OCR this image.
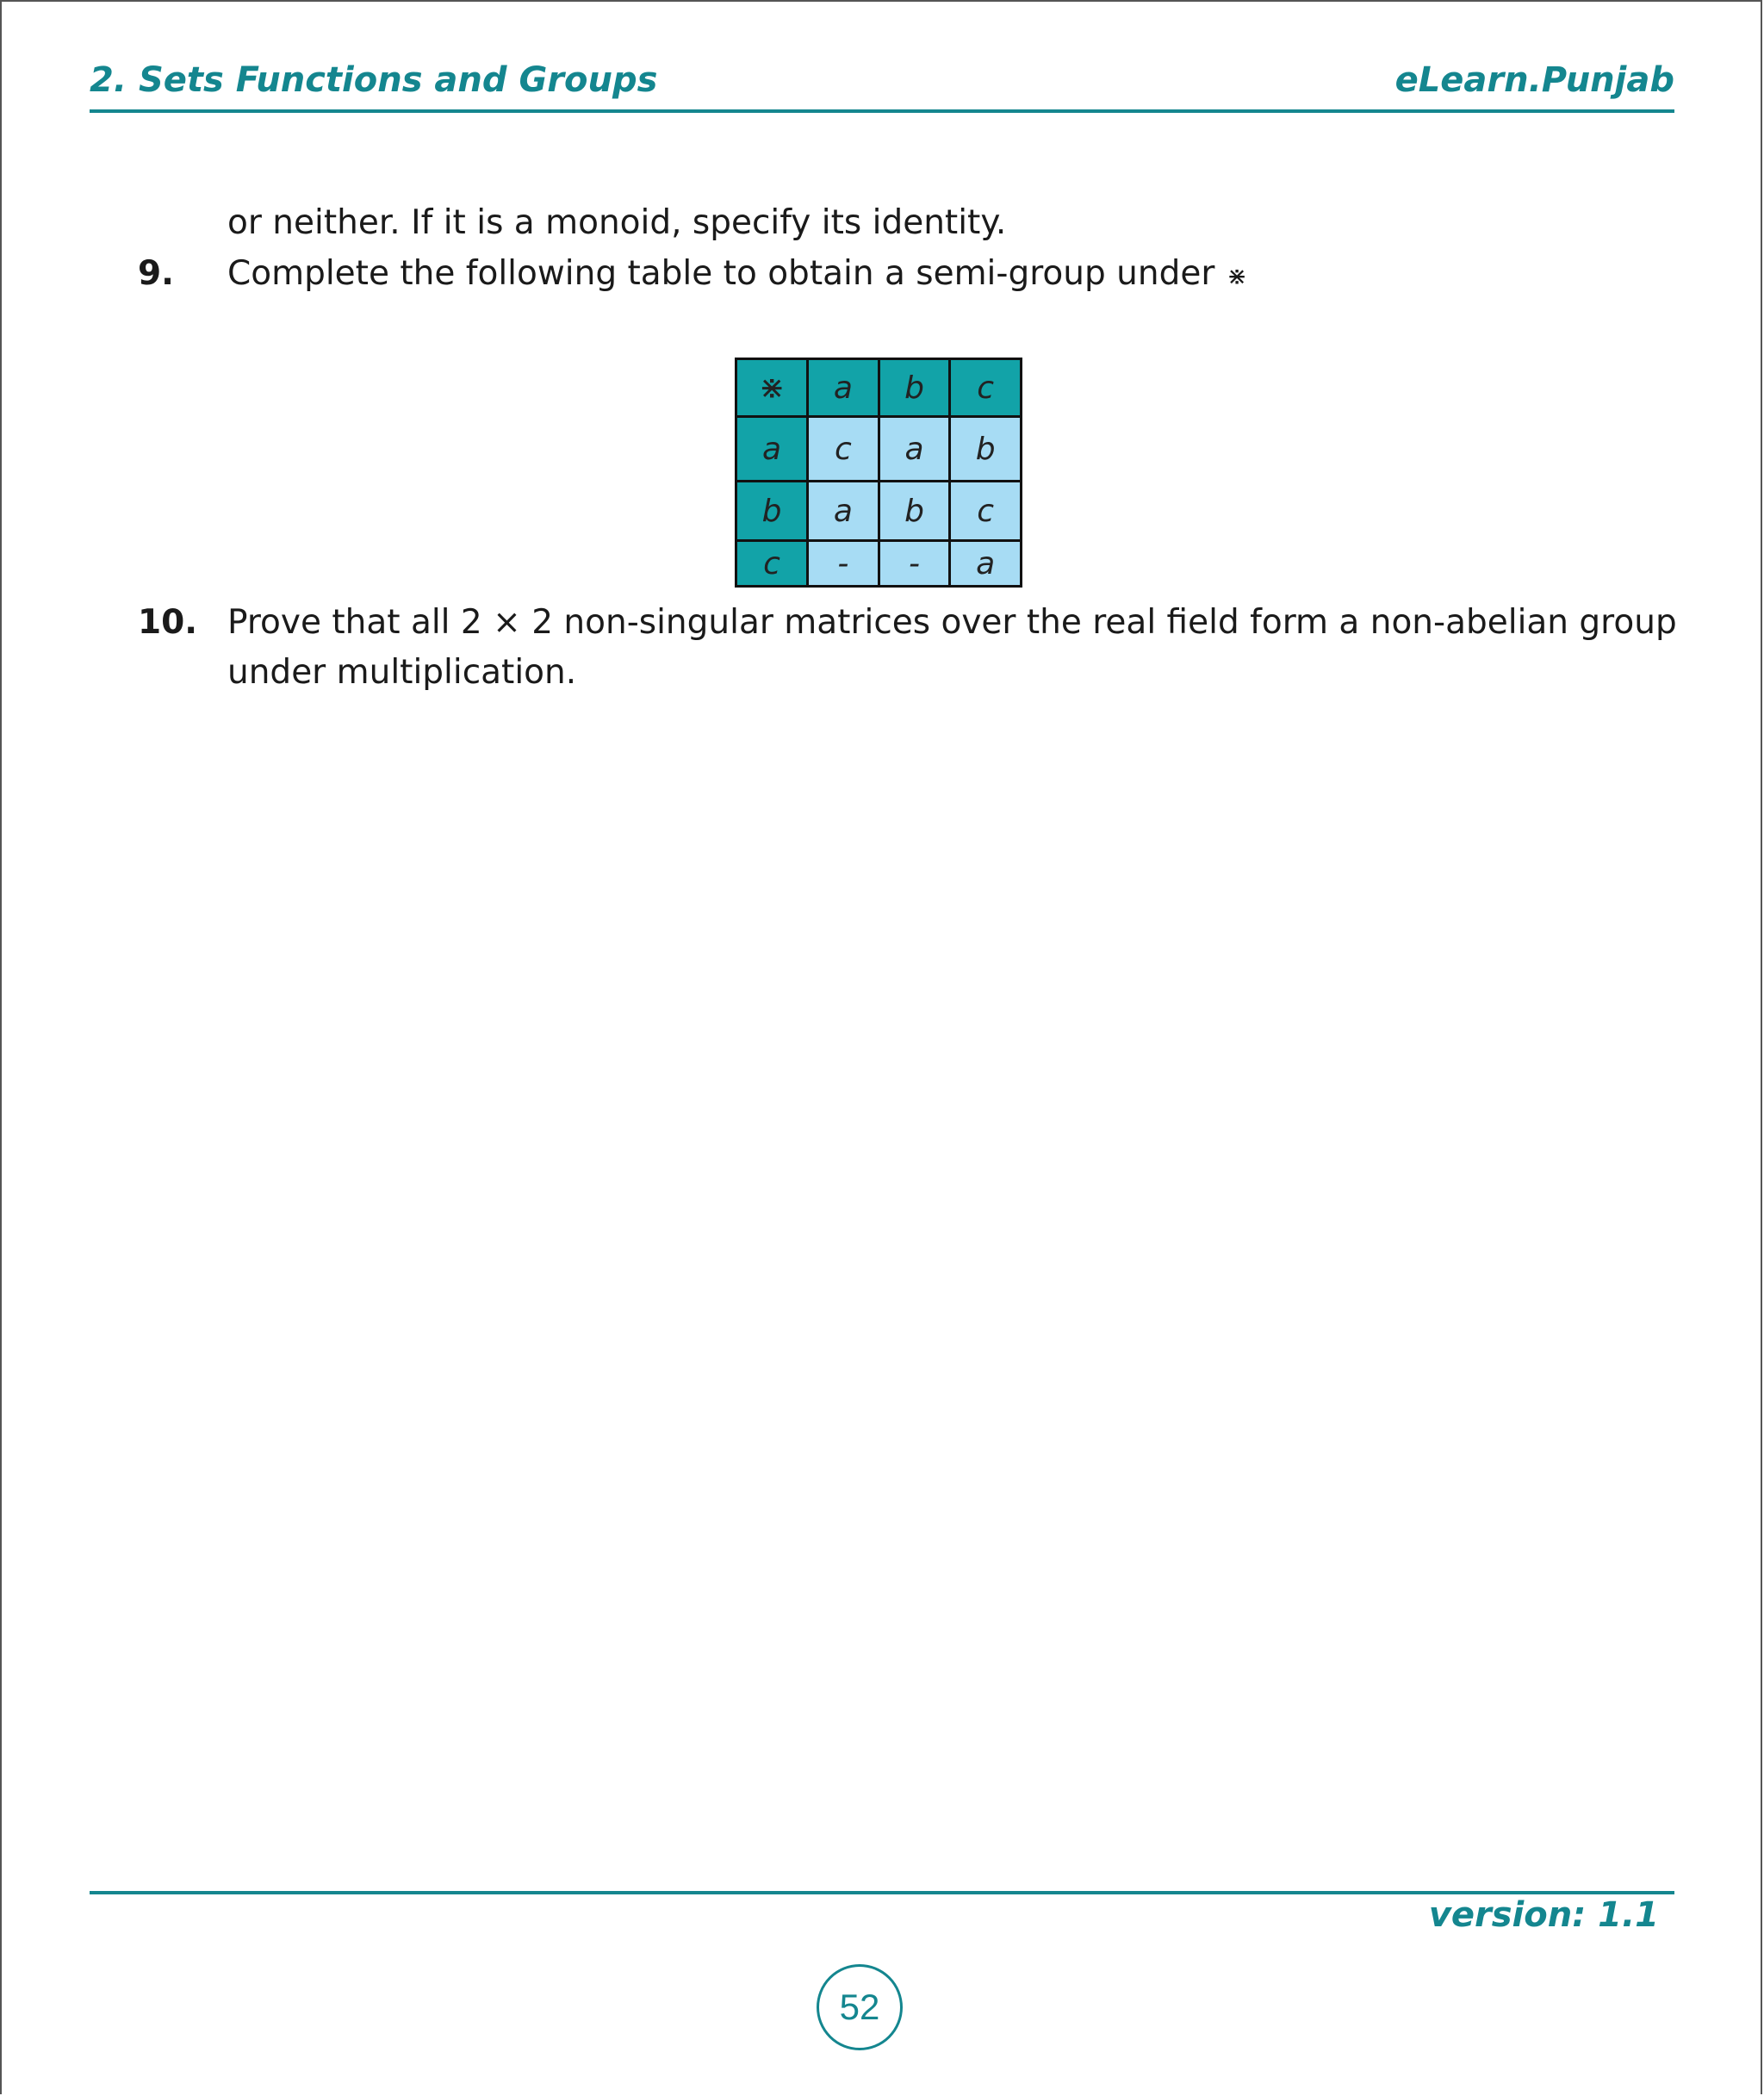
2. Sets Functions and Groups	eLearn.Punjab
or neither. If it is a monoid, specify its identity.
9. Complete the following table to obtain a semi-group under ⋇
⋇	a	b	c
a	c	a	b
b	a	b	c
c	-	-	a
10. Prove that all 2 × 2 non-singular matrices over the real field form a non-abelian group
under multiplication.
version: 1.1
52
